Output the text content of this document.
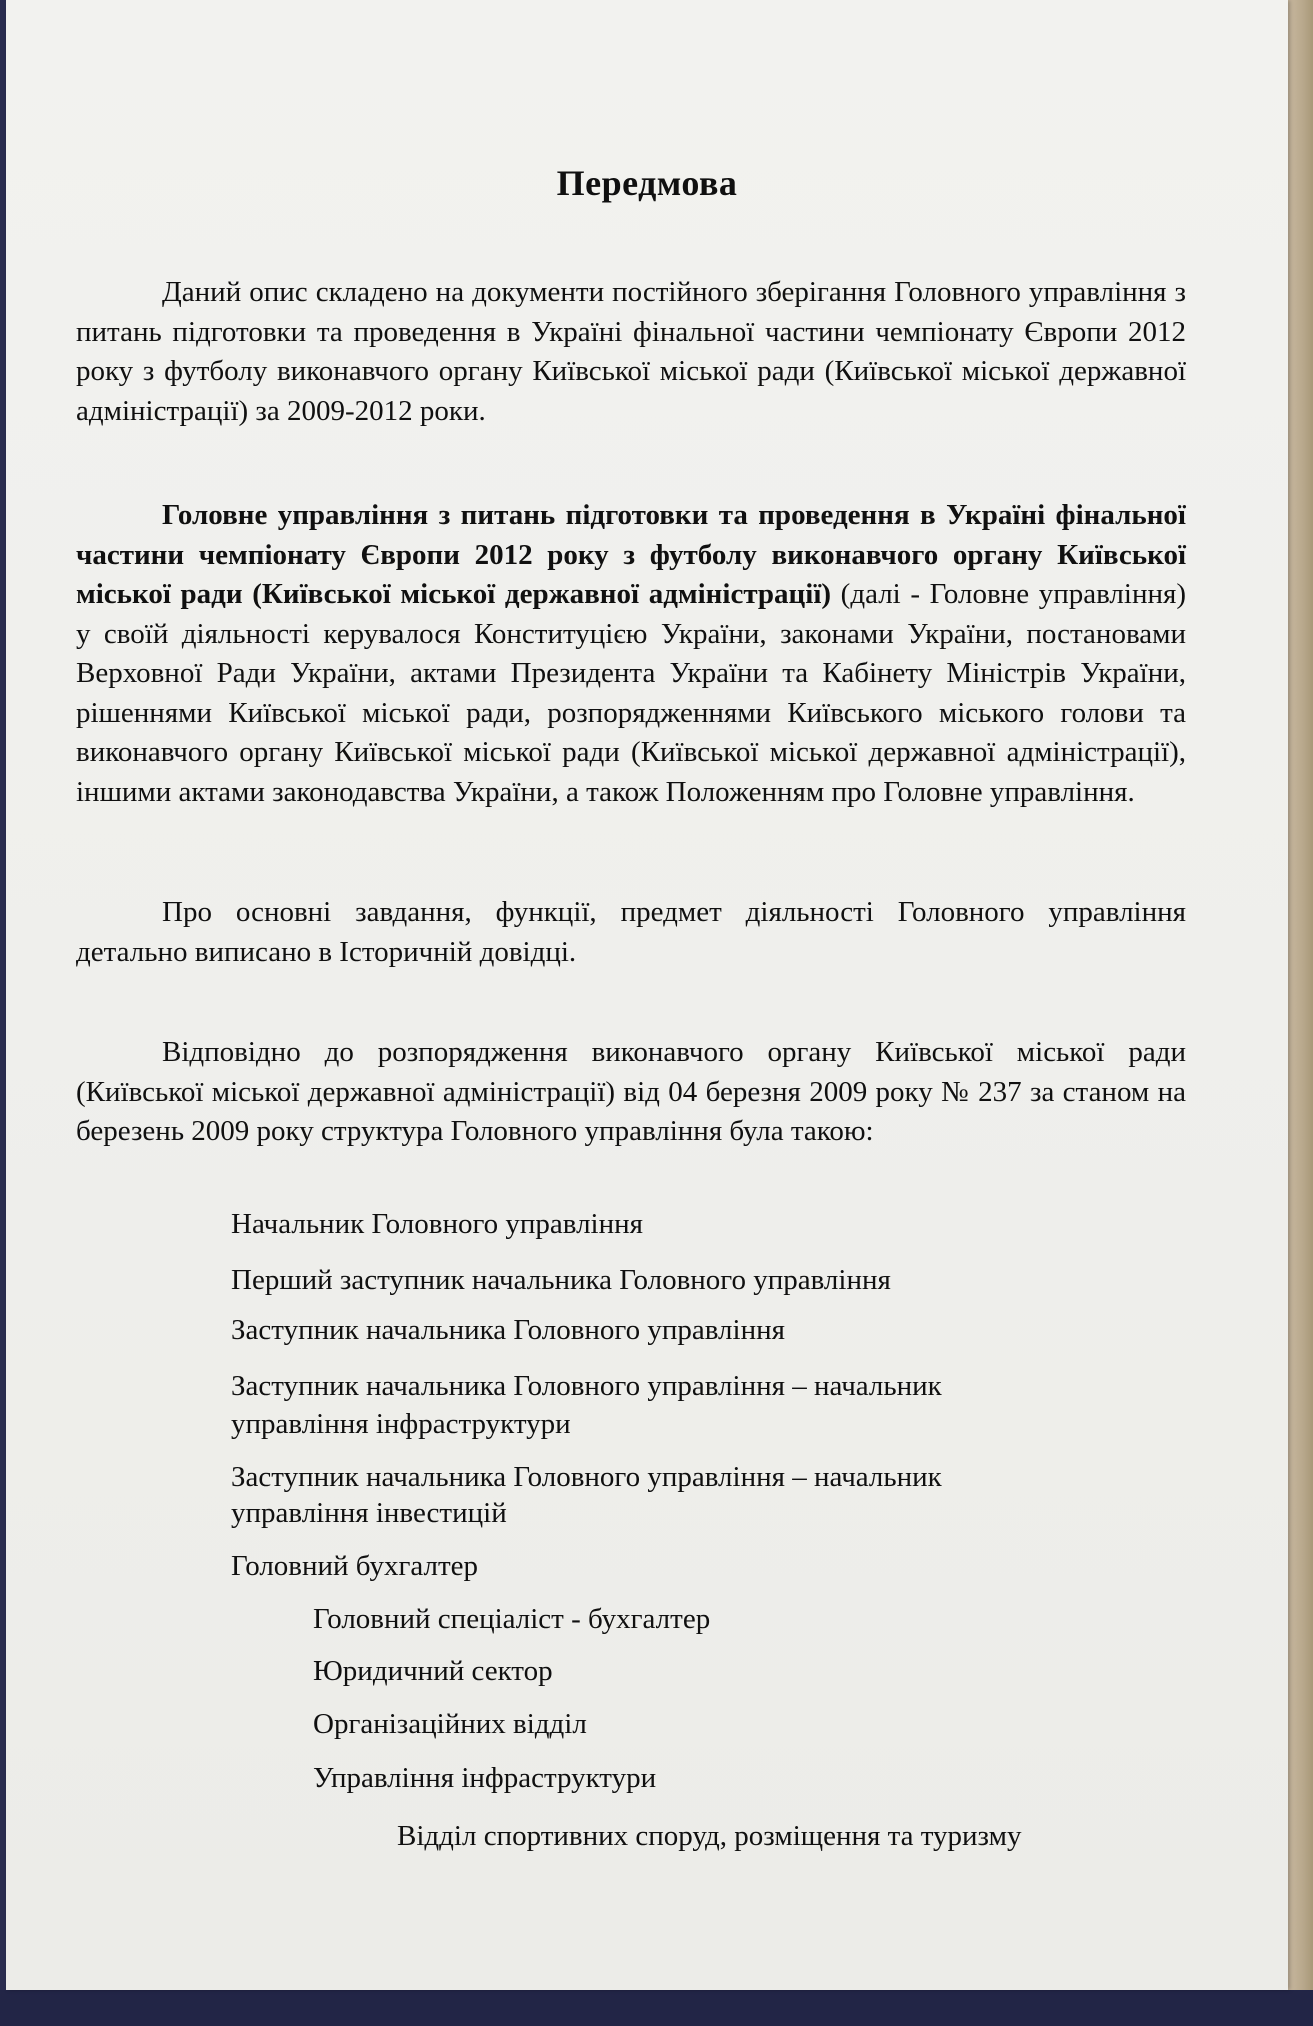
Передмова
Даний опис складено на документи постійного зберігання Головного управління з питань підготовки та проведення в Україні фінальної частини чемпіонату Європи 2012 року з футболу виконавчого органу Київської міської ради (Київської міської державної адміністрації) за 2009-2012 роки.
Головне управління з питань підготовки та проведення в Україні фінальної частини чемпіонату Європи 2012 року з футболу виконавчого органу Київської міської ради (Київської міської державної адміністрації) (далі - Головне управління) у своїй діяльності керувалося Конституцією України, законами України, постановами Верховної Ради України, актами Президента України та Кабінету Міністрів України, рішеннями Київської міської ради, розпорядженнями Київського міського голови та виконавчого органу Київської міської ради (Київської міської державної адміністрації), іншими актами законодавства України, а також Положенням про Головне управління.
Про основні завдання, функції, предмет діяльності Головного управління детально виписано в Історичній довідці.
Відповідно до розпорядження виконавчого органу Київської міської ради (Київської міської державної адміністрації) від 04 березня 2009 року № 237 за станом на березень 2009 року структура Головного управління була такою:
Начальник Головного управління
Перший заступник начальника Головного управління
Заступник начальника Головного управління
Заступник начальника Головного управління – начальник
управління інфраструктури
Заступник начальника Головного управління – начальник
управління інвестицій
Головний бухгалтер
Головний спеціаліст - бухгалтер
Юридичний сектор
Організаційних відділ
Управління інфраструктури
Відділ спортивних споруд, розміщення та туризму
